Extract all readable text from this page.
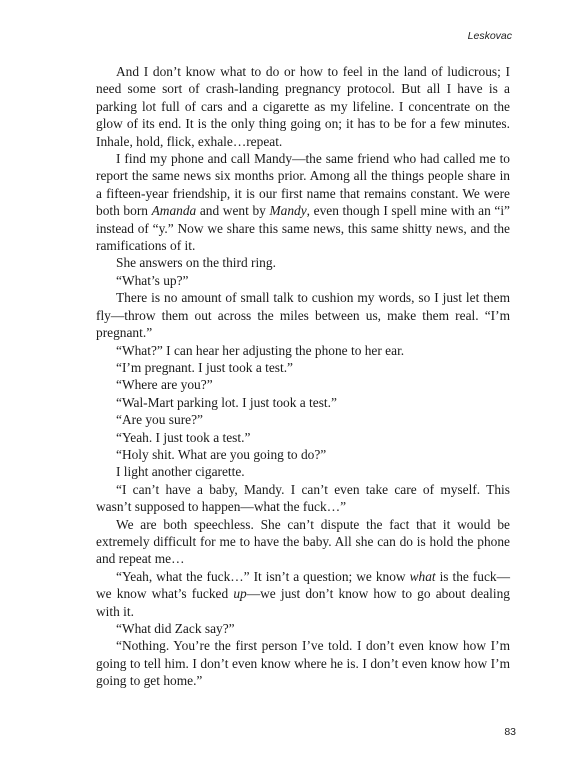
Leskovac

And I don’t know what to do or how to feel in the land of ludicrous; I need some sort of crash-landing pregnancy protocol. But all I have is a parking lot full of cars and a cigarette as my lifeline. I concentrate on the glow of its end. It is the only thing going on; it has to be for a few minutes. Inhale, hold, flick, exhale…repeat.

I find my phone and call Mandy—the same friend who had called me to report the same news six months prior. Among all the things people share in a fifteen-year friendship, it is our first name that remains constant. We were both born Amanda and went by Mandy, even though I spell mine with an “i” instead of “y.” Now we share this same news, this same shitty news, and the ramifications of it.

She answers on the third ring.

“What’s up?”

There is no amount of small talk to cushion my words, so I just let them fly—throw them out across the miles between us, make them real. “I’m pregnant.”

“What?” I can hear her adjusting the phone to her ear.

“I’m pregnant. I just took a test.”

“Where are you?”

“Wal-Mart parking lot. I just took a test.”

“Are you sure?”

“Yeah. I just took a test.”

“Holy shit. What are you going to do?”

I light another cigarette.

“I can’t have a baby, Mandy. I can’t even take care of myself. This wasn’t supposed to happen—what the fuck…”

We are both speechless. She can’t dispute the fact that it would be extremely difficult for me to have the baby. All she can do is hold the phone and repeat me…

“Yeah, what the fuck…” It isn’t a question; we know what is the fuck—we know what’s fucked up—we just don’t know how to go about dealing with it.

“What did Zack say?”

“Nothing. You’re the first person I’ve told. I don’t even know how I’m going to tell him. I don’t even know where he is. I don’t even know how I’m going to get home.”

83
